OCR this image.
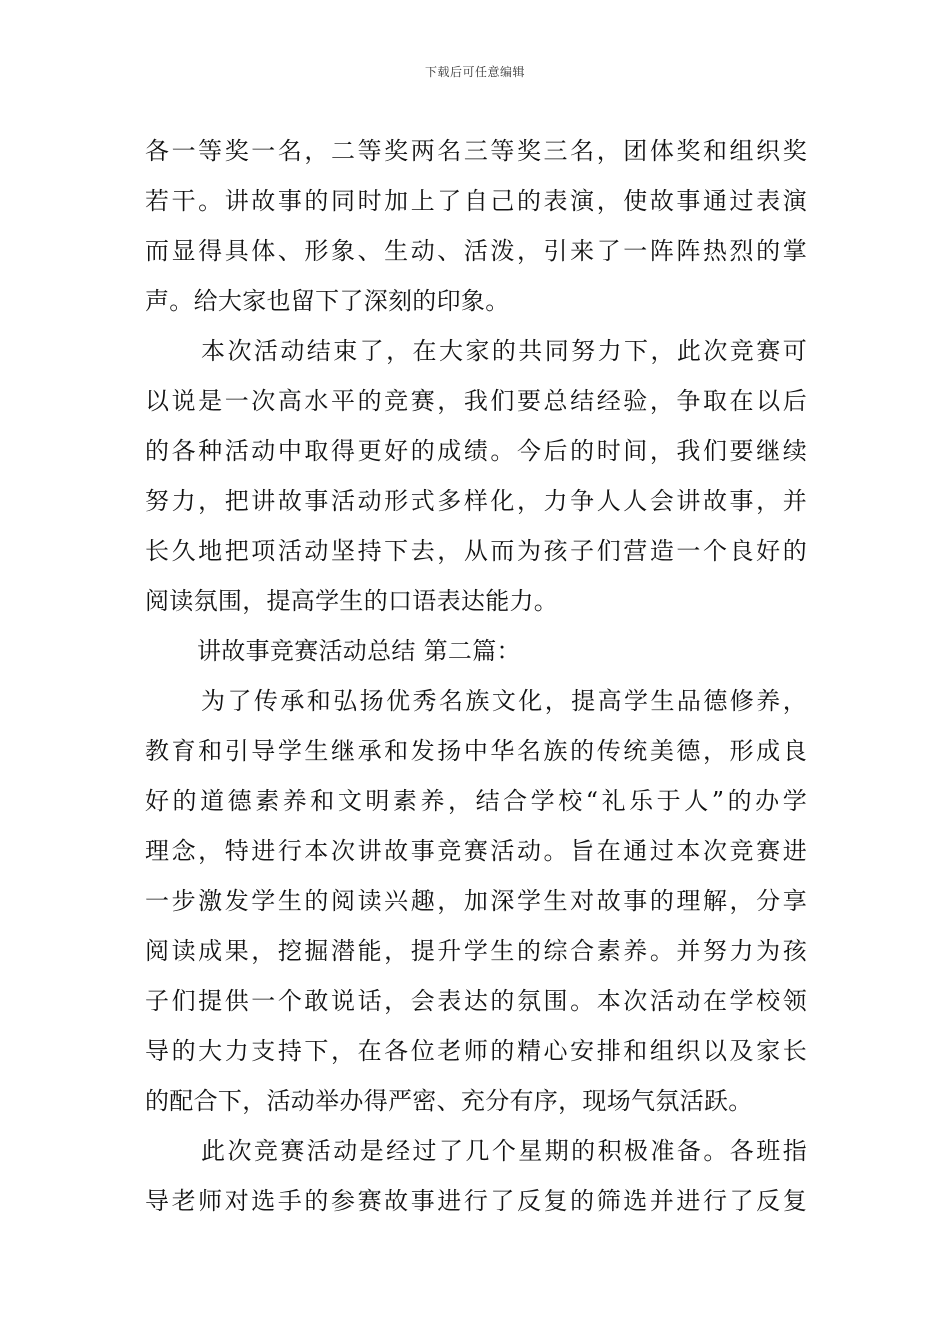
下载后可任意编辑
各一等奖一名，二等奖两名三等奖三名，团体奖和组织奖
若干。讲故事的同时加上了自己的表演，使故事通过表演
而显得具体、形象、生动、活泼，引来了一阵阵热烈的掌
声。给大家也留下了深刻的印象。
本次活动结束了，在大家的共同努力下，此次竞赛可
以说是一次高水平的竞赛，我们要总结经验，争取在以后
的各种活动中取得更好的成绩。今后的时间，我们要继续
努力，把讲故事活动形式多样化，力争人人会讲故事，并
长久地把项活动坚持下去，从而为孩子们营造一个良好的
阅读氛围，提高学生的口语表达能力。
讲故事竞赛活动总结 第二篇：
为了传承和弘扬优秀名族文化，提高学生品德修养，
教育和引导学生继承和发扬中华名族的传统美德，形成良
好的道德素养和文明素养，结合学校“礼乐于人”的办学
理念，特进行本次讲故事竞赛活动。旨在通过本次竞赛进
一步激发学生的阅读兴趣，加深学生对故事的理解，分享
阅读成果，挖掘潜能，提升学生的综合素养。并努力为孩
子们提供一个敢说话，会表达的氛围。本次活动在学校领
导的大力支持下，在各位老师的精心安排和组织以及家长
的配合下，活动举办得严密、充分有序，现场气氛活跃。
此次竞赛活动是经过了几个星期的积极准备。各班指
导老师对选手的参赛故事进行了反复的筛选并进行了反复
